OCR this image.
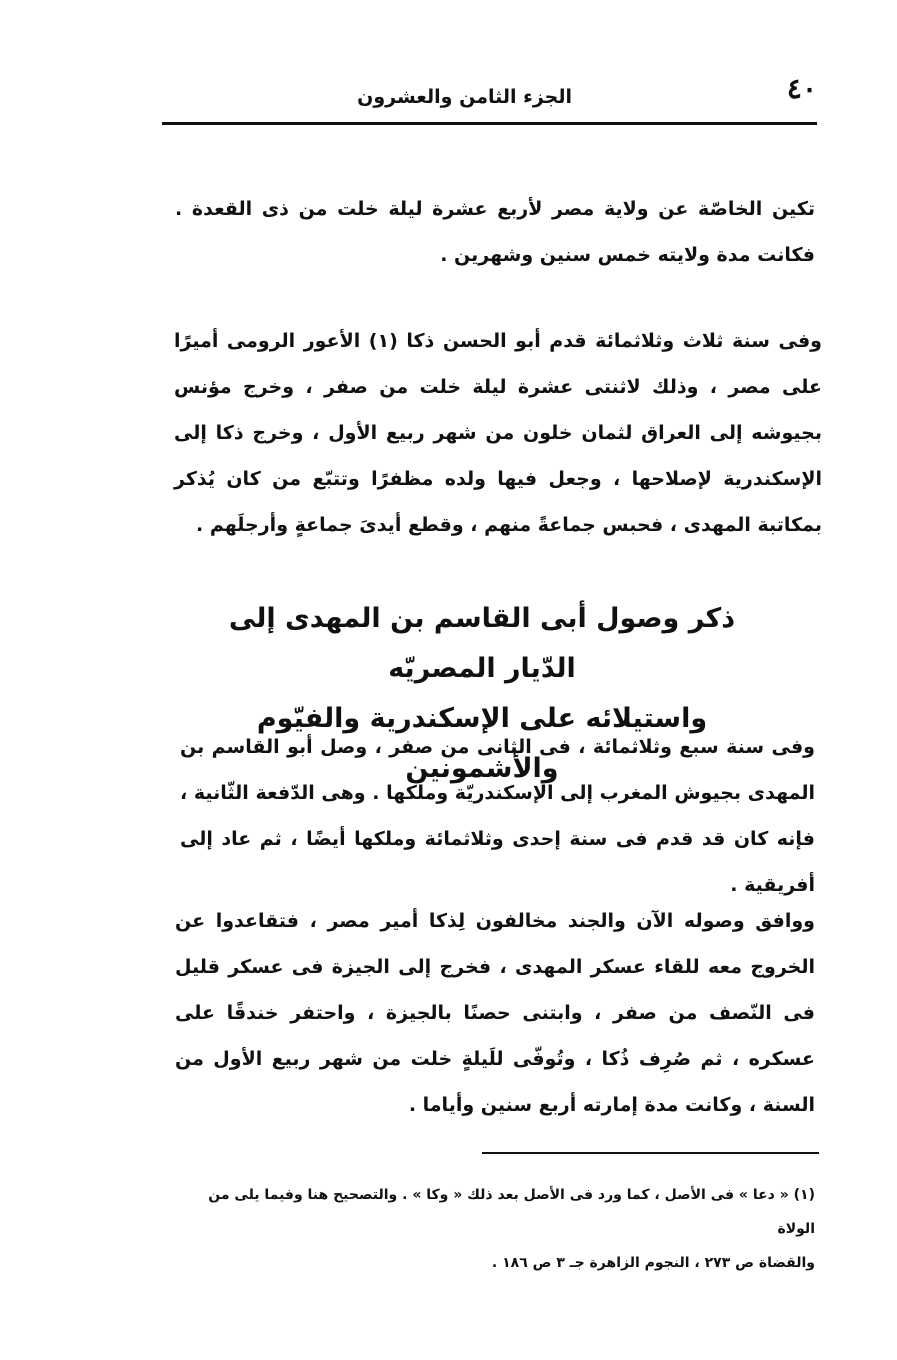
٤٠
الجزء الثامن والعشرون

تكين الخاصّة عن ولاية مصر لأربع عشرة ليلة خلت من ذى القعدة . فكانت مدة ولايته خمس سنين وشهرين .

وفى سنة ثلاث وثلاثمائة قدم أبو الحسن ذكا (١) الأعور الرومى أميرًا على مصر ، وذلك لاثنتى عشرة ليلة خلت من صفر ، وخرج مؤنس بجيوشه إلى العراق لثمان خلون من شهر ربيع الأول ، وخرج ذكا إلى الإسكندرية لإصلاحها ، وجعل فيها ولده مظفرًا وتتبّع من كان يُذكر بمكاتبة المهدى ، فحبس جماعةً منهم ، وقطع أيدىَ جماعةٍ وأرجلَهم .

ذكر وصول أبى القاسم بن المهدى إلى الدّيار المصريّه
واستيلائه على الإسكندرية والفيّوم والأشمونين

وفى سنة سبع وثلاثمائة ، فى الثانى من صفر ، وصل أبو القاسم بن المهدى بجيوش المغرب إلى الإسكندريّة وملكها . وهى الدّفعة الثّانية ، فإنه كان قد قدم فى سنة إحدى وثلاثمائة وملكها أيضًا ، ثم عاد إلى أفريقية .

ووافق وصوله الآن والجند مخالفون لِذكا أمير مصر ، فتقاعدوا عن الخروج معه للقاء عسكر المهدى ، فخرج إلى الجيزة فى عسكر قليل فى النّصف من صفر ، وابتنى حصنًا بالجيزة ، واحتفر خندقًا على عسكره ، ثم صُرِف ذُكا ، وتُوفّى للَيلةٍ خلت من شهر ربيع الأول من السنة ، وكانت مدة إمارته أربع سنين وأياما .

(١) « دعا » فى الأصل ، كما ورد فى الأصل بعد ذلك « وكا » . والتصحيح هنا وفيما يلى من الولاة
والقضاة ص ٢٧٣ ، النجوم الزاهرة جـ ٣ ص ١٨٦ .
